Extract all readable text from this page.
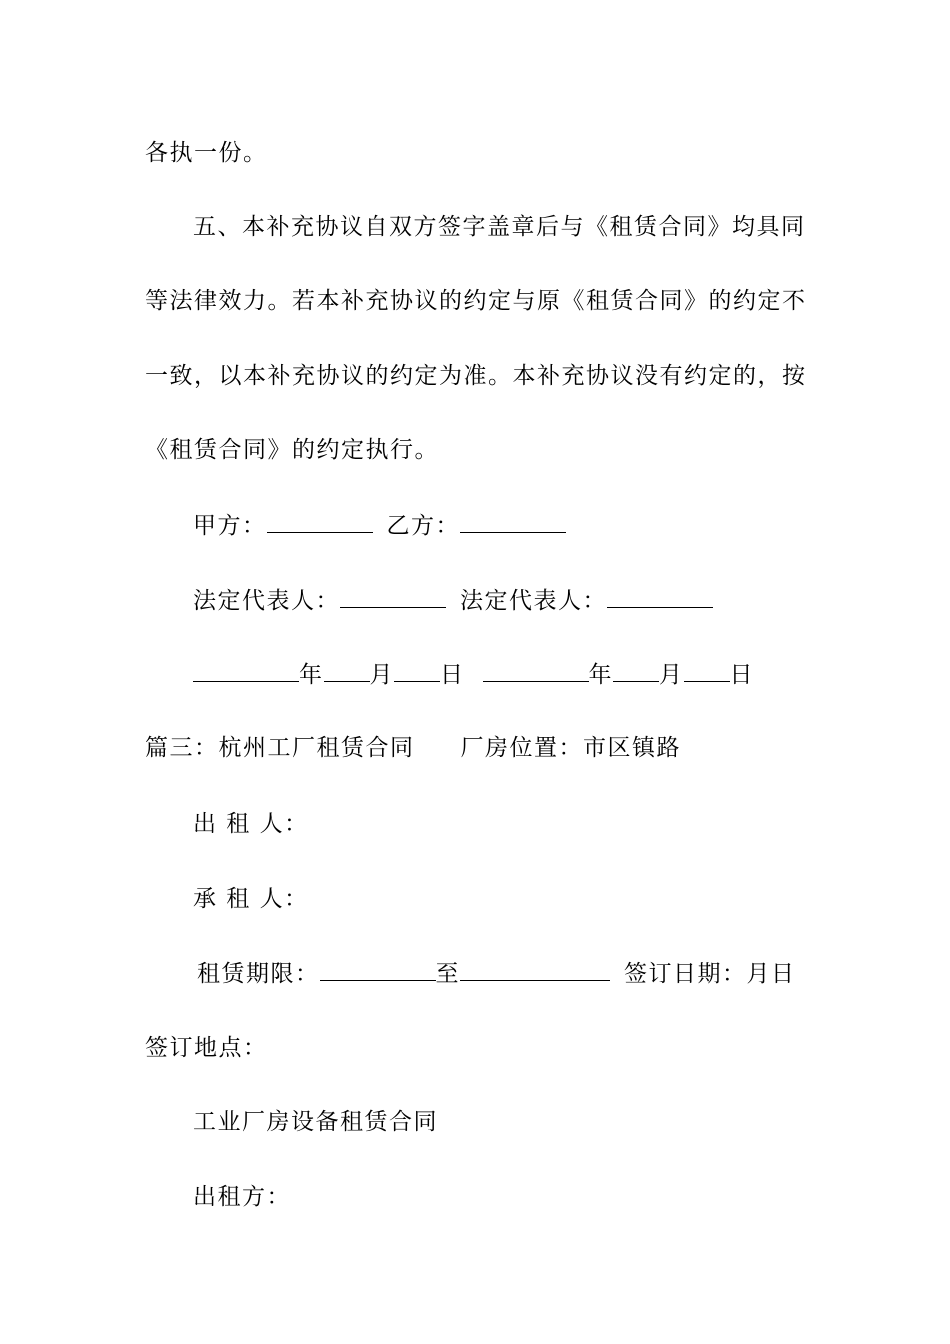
各执一份。
五、本补充协议自双方签字盖章后与《租赁合同》均具同
等法律效力。若本补充协议的约定与原《租赁合同》的约定不
一致，以本补充协议的约定为准。本补充协议没有约定的，按
《租赁合同》的约定执行。
甲方：	乙方：
法定代表人：	法定代表人：
年 月 日	年 月 日
篇三：杭州工厂租赁合同 厂房位置：市区镇路
出 租 人：
承 租 人：
租赁期限：	至	签订日期：月日
签订地点：
工业厂房设备租赁合同
出租方：
